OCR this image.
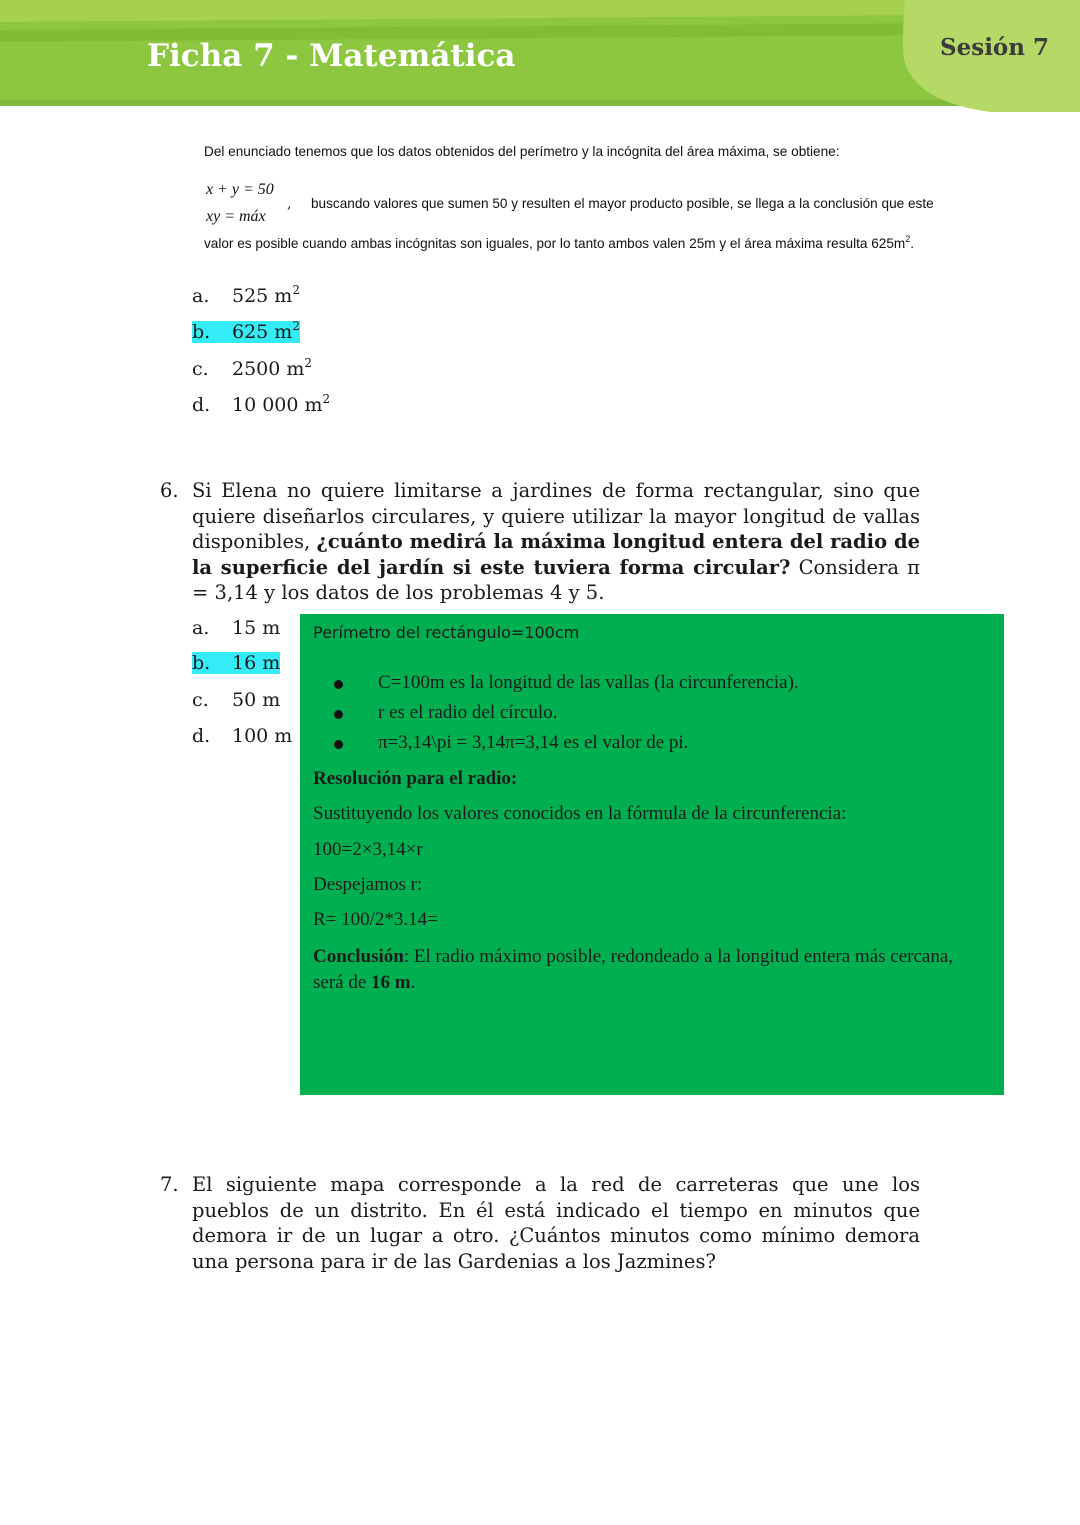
Ficha 7 - Matemática	Sesión 7
Del enunciado tenemos que los datos obtenidos del perímetro y la incógnita del área máxima, se obtiene:
x + y = 50
xy = máx
, buscando valores que sumen 50 y resulten el mayor producto posible, se llega a la conclusión que este
valor es posible cuando ambas incógnitas son iguales, por lo tanto ambos valen 25m y el área máxima resulta $625m^2$.
a. 525 $m^2$
b. 625 $m^2$
c. 2500 $m^2$
d. 10 000 $m^2$
6. Si Elena no quiere limitarse a jardines de forma rectangular, sino que quiere diseñarlos circulares, y quiere utilizar la mayor longitud de vallas disponibles, ¿cuánto medirá la máxima longitud entera del radio de la superficie del jardín si este tuviera forma circular? Considera π = 3,14 y los datos de los problemas 4 y 5.
a. 15 m
b. 16 m
c. 50 m
d. 100 m
Perímetro del rectángulo=100cm
C=100m es la longitud de las vallas (la circunferencia).
r es el radio del círculo.
π=3,14\pi = 3,14π=3,14 es el valor de pi.
Resolución para el radio:
Sustituyendo los valores conocidos en la fórmula de la circunferencia:
100=2×3,14×r
Despejamos r:
R= 100/2*3.14=
Conclusión: El radio máximo posible, redondeado a la longitud entera más cercana, será de 16 m.
7. El siguiente mapa corresponde a la red de carreteras que une los pueblos de un distrito. En él está indicado el tiempo en minutos que demora ir de un lugar a otro. ¿Cuántos minutos como mínimo demora una persona para ir de las Gardenias a los Jazmines?
